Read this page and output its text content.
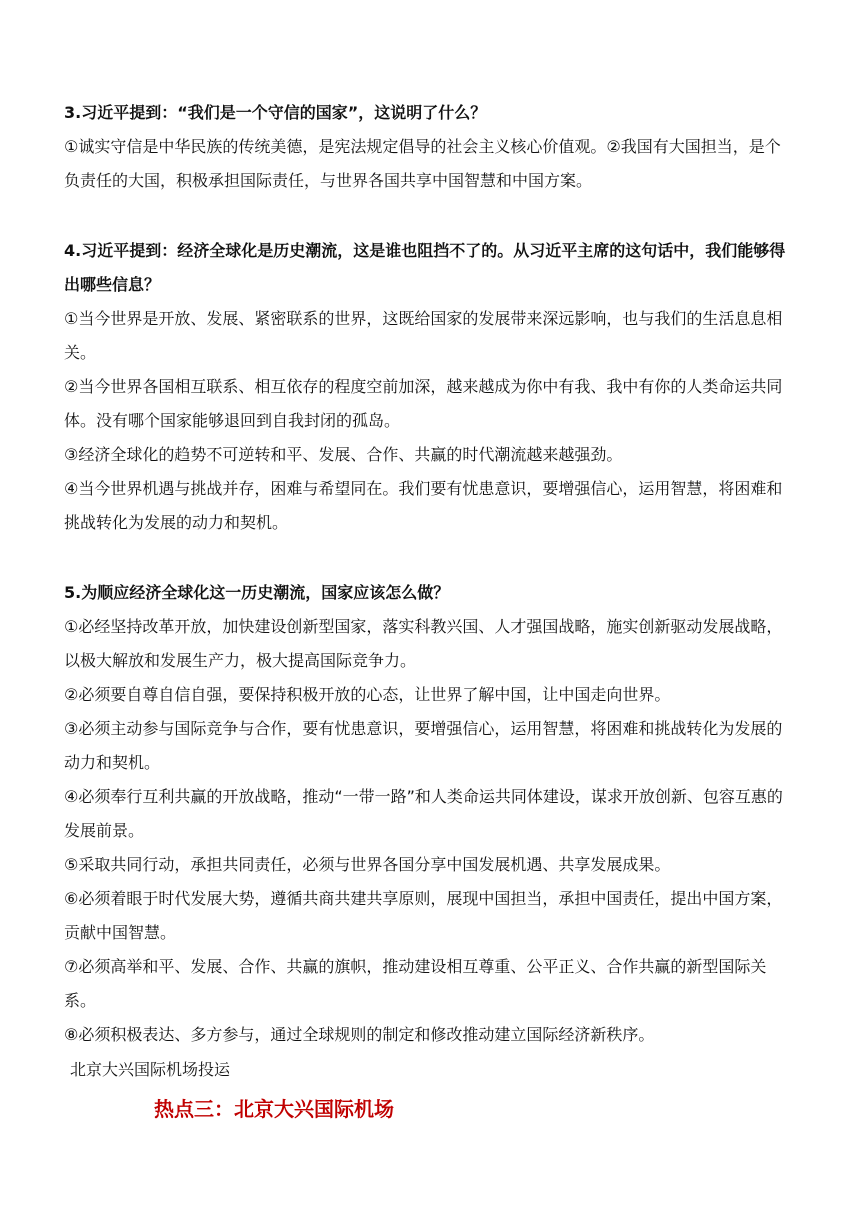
3.习近平提到：“我们是一个守信的国家”，这说明了什么？

①诚实守信是中华民族的传统美德，是宪法规定倡导的社会主义核心价值观。②我国有大国担当，是个负责任的大国，积极承担国际责任，与世界各国共享中国智慧和中国方案。

4.习近平提到：经济全球化是历史潮流，这是谁也阻挡不了的。从习近平主席的这句话中，我们能够得出哪些信息？

①当今世界是开放、发展、紧密联系的世界，这既给国家的发展带来深远影响，也与我们的生活息息相关。

②当今世界各国相互联系、相互依存的程度空前加深，越来越成为你中有我、我中有你的人类命运共同体。没有哪个国家能够退回到自我封闭的孤岛。

③经济全球化的趋势不可逆转和平、发展、合作、共赢的时代潮流越来越强劲。

④当今世界机遇与挑战并存，困难与希望同在。我们要有忧患意识，要增强信心，运用智慧，将困难和挑战转化为发展的动力和契机。

5.为顺应经济全球化这一历史潮流，国家应该怎么做？

①必经坚持改革开放，加快建设创新型国家，落实科教兴国、人才强国战略，施实创新驱动发展战略，以极大解放和发展生产力，极大提高国际竞争力。

②必须要自尊自信自强，要保持积极开放的心态，让世界了解中国，让中国走向世界。

③必须主动参与国际竞争与合作，要有忧患意识，要增强信心，运用智慧，将困难和挑战转化为发展的动力和契机。

④必须奉行互利共赢的开放战略，推动“一带一路”和人类命运共同体建设，谋求开放创新、包容互惠的发展前景。

⑤采取共同行动，承担共同责任，必须与世界各国分享中国发展机遇、共享发展成果。

⑥必须着眼于时代发展大势，遵循共商共建共享原则，展现中国担当，承担中国责任，提出中国方案，贡献中国智慧。

⑦必须高举和平、发展、合作、共赢的旗帜，推动建设相互尊重、公平正义、合作共赢的新型国际关系。

⑧必须积极表达、多方参与，通过全球规则的制定和修改推动建立国际经济新秩序。

北京大兴国际机场投运

热点三：北京大兴国际机场
